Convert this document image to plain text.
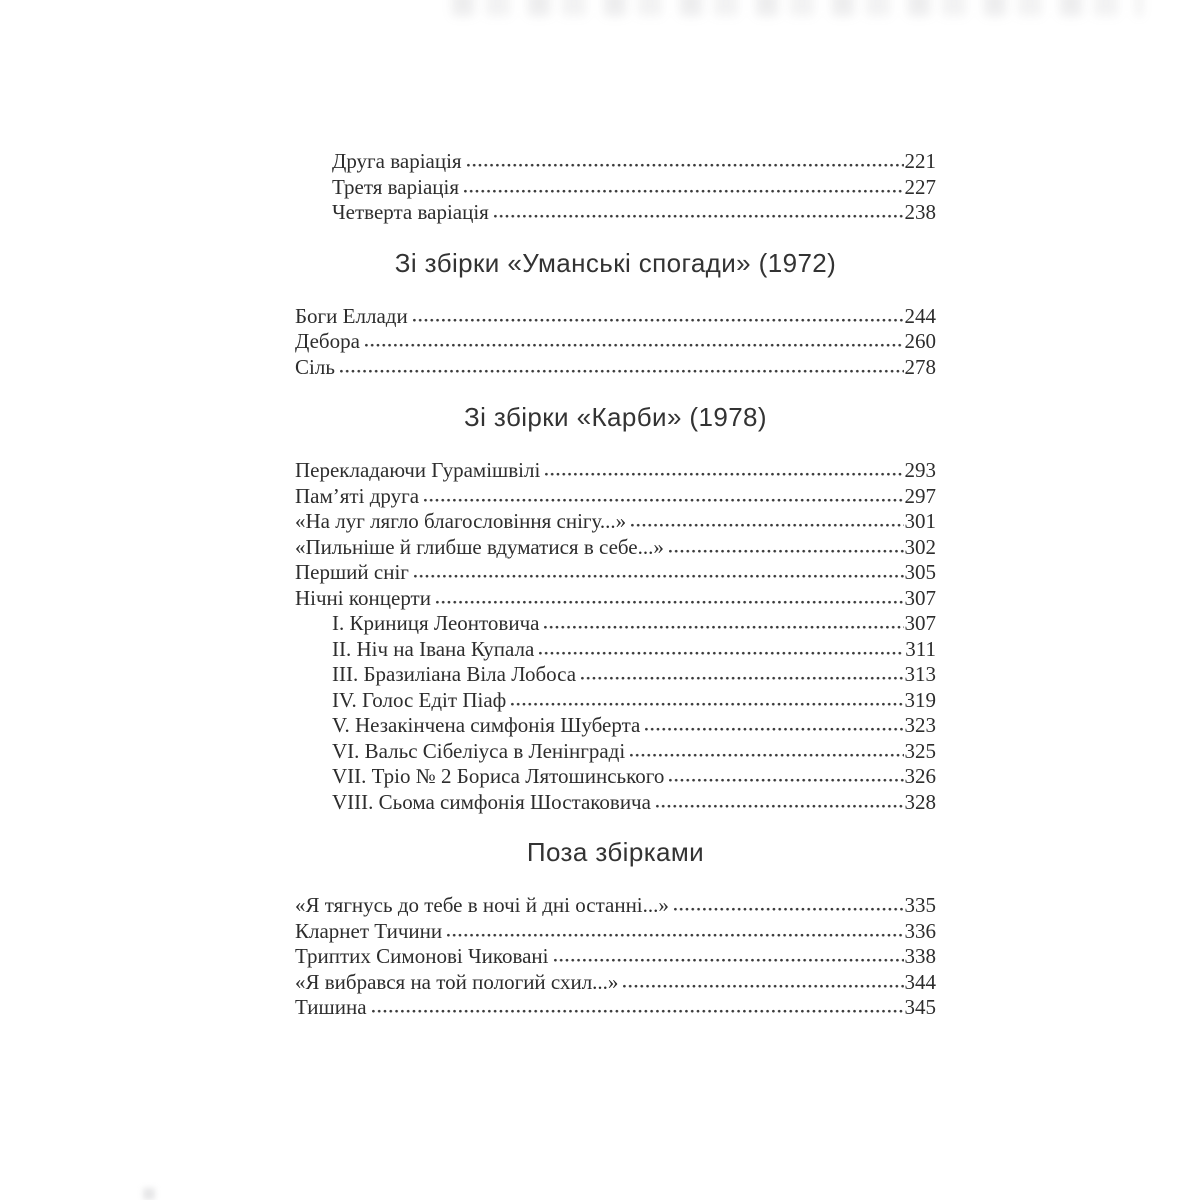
Друга варіація	221
Третя варіація	227
Четверта варіація	238
Зі збірки «Уманські спогади» (1972)
Боги Еллади	244
Дебора	260
Сіль	278
Зі збірки «Карби» (1978)
Перекладаючи Гурамішвілі	293
Пам’яті друга	297
«На луг лягло благословіння снігу...»	301
«Пильніше й глибше вдуматися в себе...»	302
Перший сніг	305
Нічні концерти	307
I. Криниця Леонтовича	307
II. Ніч на Івана Купала	311
III. Бразиліана Віла Лобоса	313
IV. Голос Едіт Піаф	319
V. Незакінчена симфонія Шуберта	323
VI. Вальс Сібеліуса в Ленінграді	325
VII. Тріо № 2 Бориса Лятошинського	326
VIII. Сьома симфонія Шостаковича	328
Поза збірками
«Я тягнусь до тебе в ночі й дні останні...»	335
Кларнет Тичини	336
Триптих Симонові Чиковані	338
«Я вибрався на той пологий схил...»	344
Тишина	345
